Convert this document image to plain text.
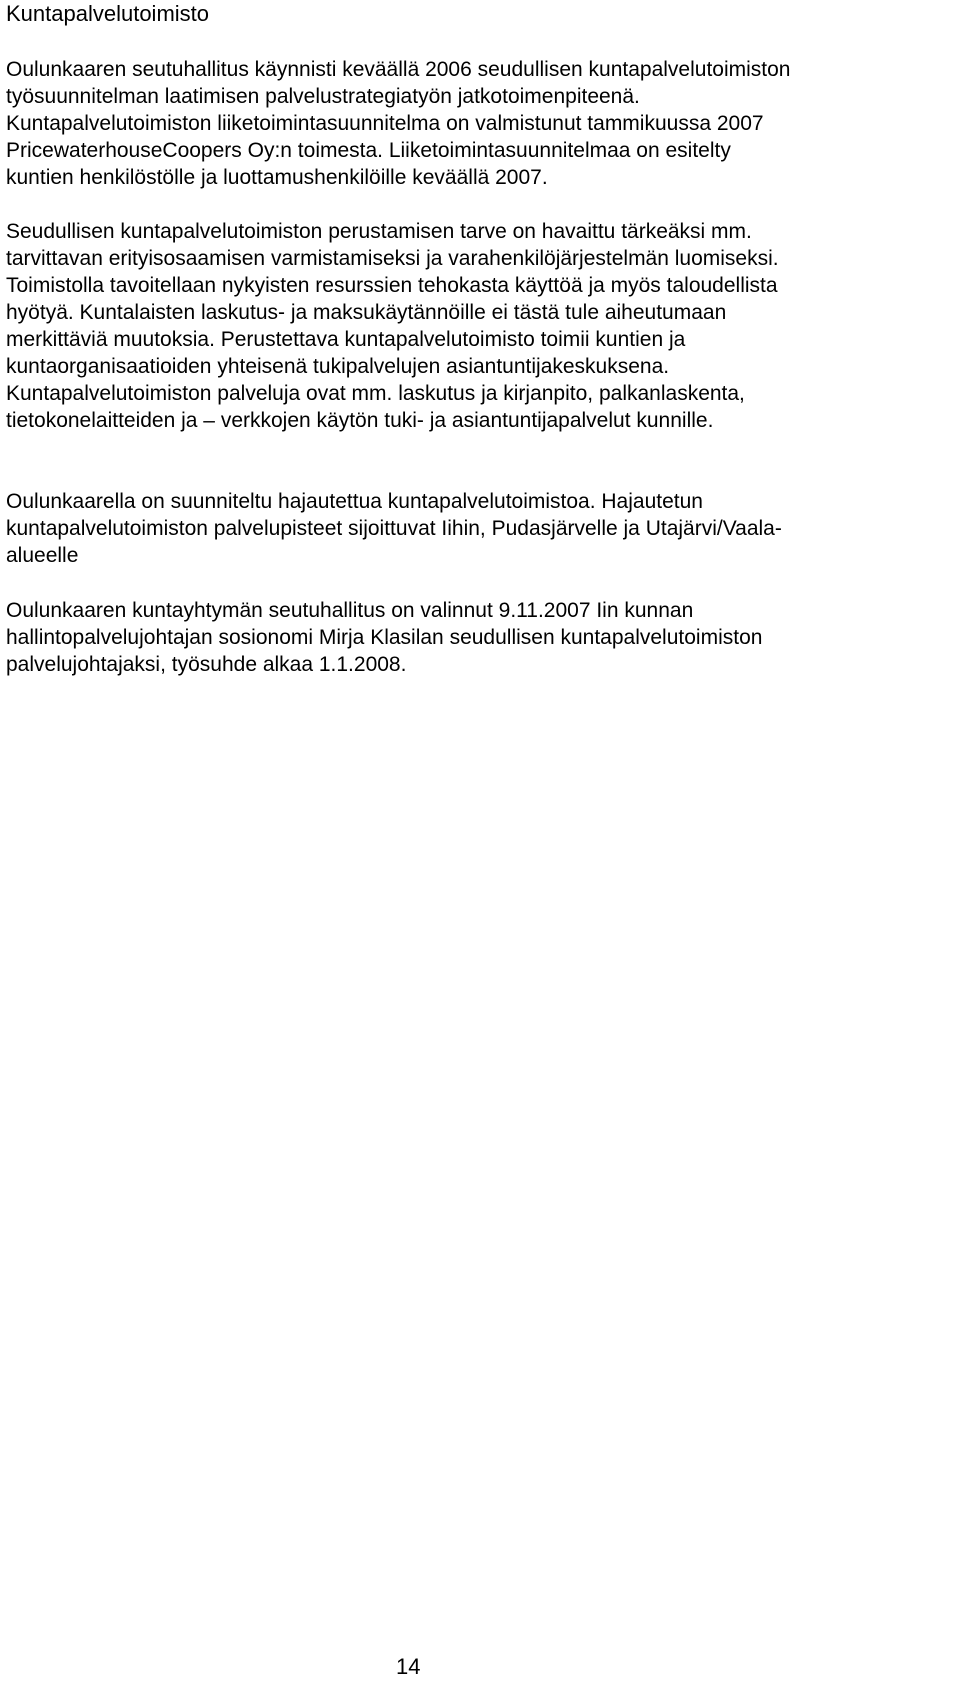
Kuntapalvelutoimisto
Oulunkaaren seutuhallitus käynnisti keväällä 2006 seudullisen kuntapalvelutoimiston
työsuunnitelman laatimisen palvelustrategiatyön jatkotoimenpiteenä.
Kuntapalvelutoimiston liiketoimintasuunnitelma on valmistunut tammikuussa 2007
PricewaterhouseCoopers Oy:n toimesta. Liiketoimintasuunnitelmaa on esitelty
kuntien henkilöstölle ja luottamushenkilöille keväällä 2007.
Seudullisen kuntapalvelutoimiston perustamisen tarve on havaittu tärkeäksi mm.
tarvittavan erityisosaamisen varmistamiseksi ja varahenkilöjärjestelmän luomiseksi.
Toimistolla tavoitellaan nykyisten resurssien tehokasta käyttöä ja myös taloudellista
hyötyä. Kuntalaisten laskutus- ja maksukäytännöille ei tästä tule aiheutumaan
merkittäviä muutoksia. Perustettava kuntapalvelutoimisto toimii kuntien ja
kuntaorganisaatioiden yhteisenä tukipalvelujen asiantuntijakeskuksena.
Kuntapalvelutoimiston palveluja ovat mm. laskutus ja kirjanpito, palkanlaskenta,
tietokonelaitteiden ja – verkkojen käytön tuki- ja asiantuntijapalvelut kunnille.
Oulunkaarella on suunniteltu hajautettua kuntapalvelutoimistoa. Hajautetun
kuntapalvelutoimiston palvelupisteet sijoittuvat Iihin, Pudasjärvelle ja Utajärvi/Vaala-
alueelle
Oulunkaaren kuntayhtymän seutuhallitus on valinnut 9.11.2007 Iin kunnan
hallintopalvelujohtajan sosionomi Mirja Klasilan seudullisen kuntapalvelutoimiston
palvelujohtajaksi, työsuhde alkaa 1.1.2008.
14
